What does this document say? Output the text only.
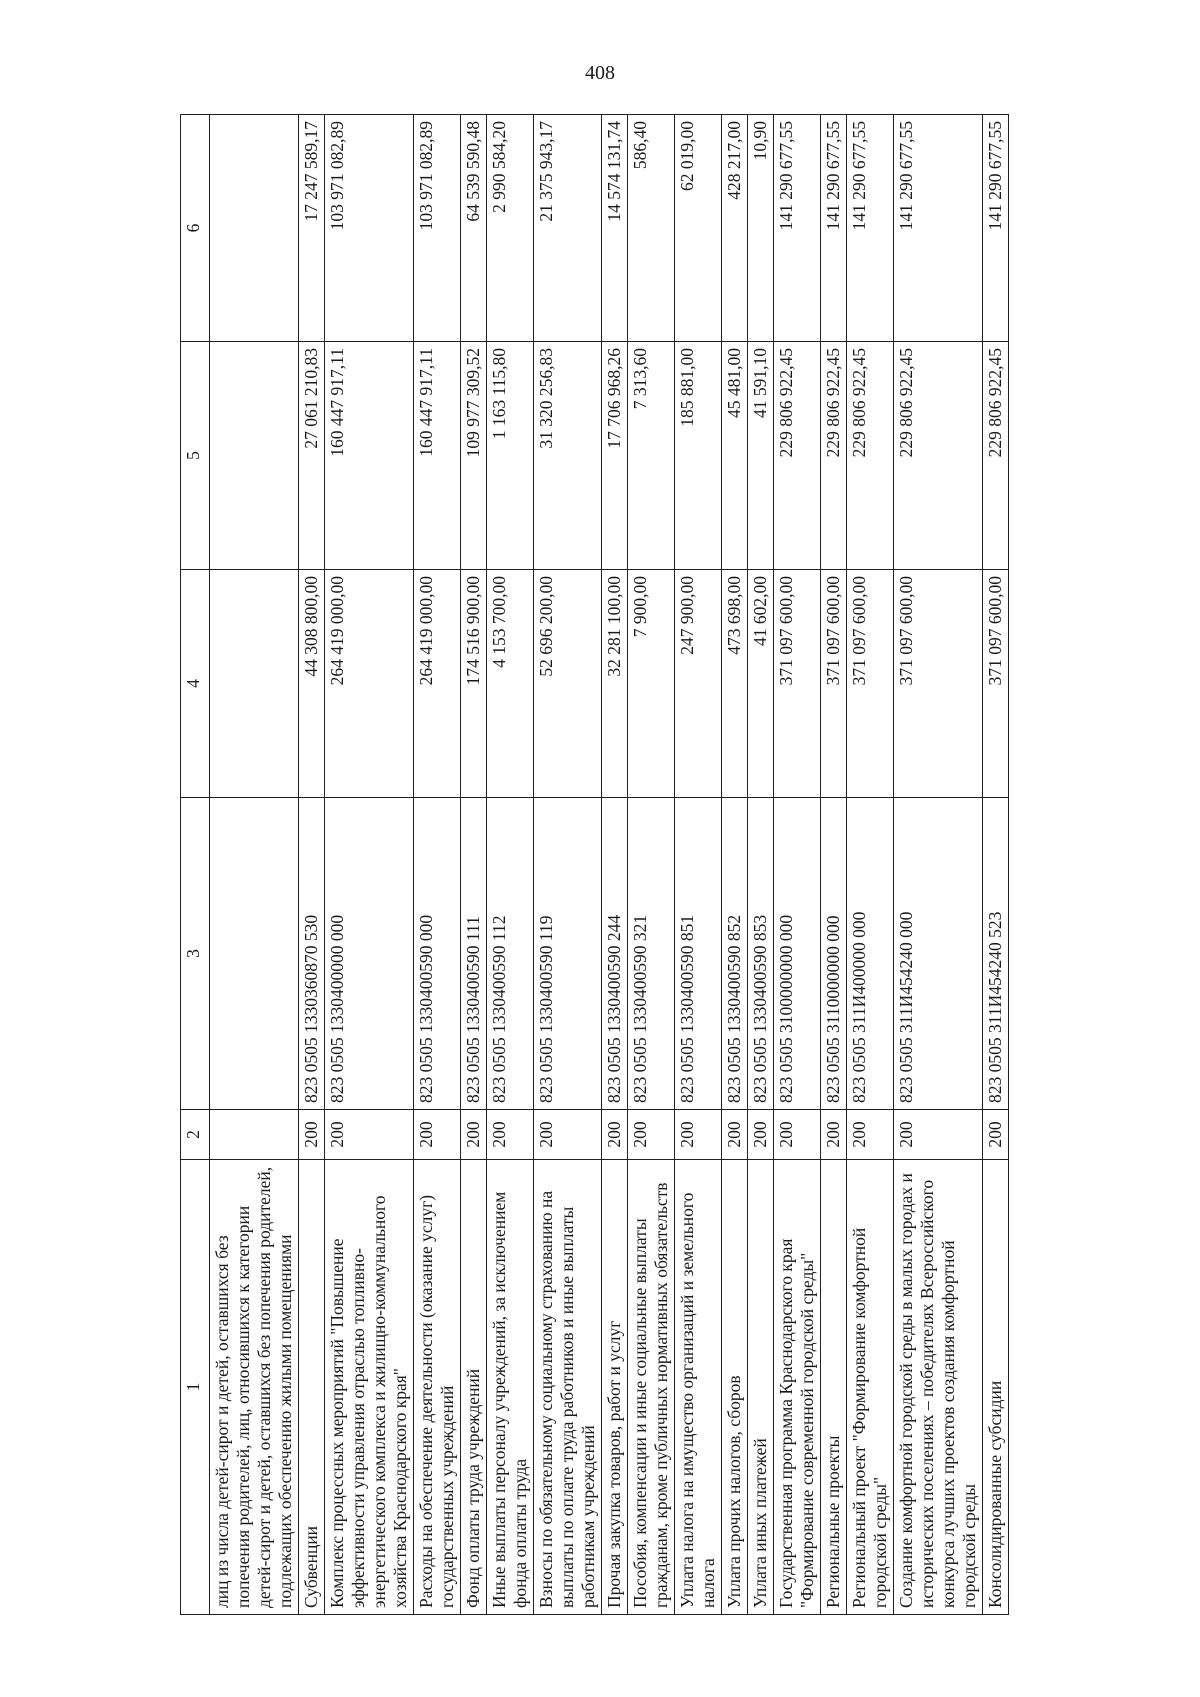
408
1	2	3	4	5	6
лиц из числа детей-сирот и детей, оставшихся без попечения родителей, лиц, относившихся к категории детей-сирот и детей, оставшихся без попечения родителей, подлежащих обеспечению жилыми помещениями					
Субвенции	200	823 0505 1330360870 530	44 308 800,00	27 061 210,83	17 247 589,17
Комплекс процессных мероприятий "Повышение эффективности управления отраслью топливно-энергетического комплекса и жилищно-коммунального хозяйства Краснодарского края"	200	823 0505 1330400000 000	264 419 000,00	160 447 917,11	103 971 082,89
Расходы на обеспечение деятельности (оказание услуг) государственных учреждений	200	823 0505 1330400590 000	264 419 000,00	160 447 917,11	103 971 082,89
Фонд оплаты труда учреждений	200	823 0505 1330400590 111	174 516 900,00	109 977 309,52	64 539 590,48
Иные выплаты персоналу учреждений, за исключением фонда оплаты труда	200	823 0505 1330400590 112	4 153 700,00	1 163 115,80	2 990 584,20
Взносы по обязательному социальному страхованию на выплаты по оплате труда работников и иные выплаты работникам учреждений	200	823 0505 1330400590 119	52 696 200,00	31 320 256,83	21 375 943,17
Прочая закупка товаров, работ и услуг	200	823 0505 1330400590 244	32 281 100,00	17 706 968,26	14 574 131,74
Пособия, компенсации и иные социальные выплаты гражданам, кроме публичных нормативных обязательств	200	823 0505 1330400590 321	7 900,00	7 313,60	586,40
Уплата налога на имущество организаций и земельного налога	200	823 0505 1330400590 851	247 900,00	185 881,00	62 019,00
Уплата прочих налогов, сборов	200	823 0505 1330400590 852	473 698,00	45 481,00	428 217,00
Уплата иных платежей	200	823 0505 1330400590 853	41 602,00	41 591,10	10,90
Государственная программа Краснодарского края "Формирование современной городской среды"	200	823 0505 3100000000 000	371 097 600,00	229 806 922,45	141 290 677,55
Региональные проекты	200	823 0505 3110000000 000	371 097 600,00	229 806 922,45	141 290 677,55
Региональный проект "Формирование комфортной городской среды"	200	823 0505 311И400000 000	371 097 600,00	229 806 922,45	141 290 677,55
Создание комфортной городской среды в малых городах и исторических поселениях – победителях Всероссийского конкурса лучших проектов создания комфортной городской среды	200	823 0505 311И454240 000	371 097 600,00	229 806 922,45	141 290 677,55
Консолидированные субсидии	200	823 0505 311И454240 523	371 097 600,00	229 806 922,45	141 290 677,55
